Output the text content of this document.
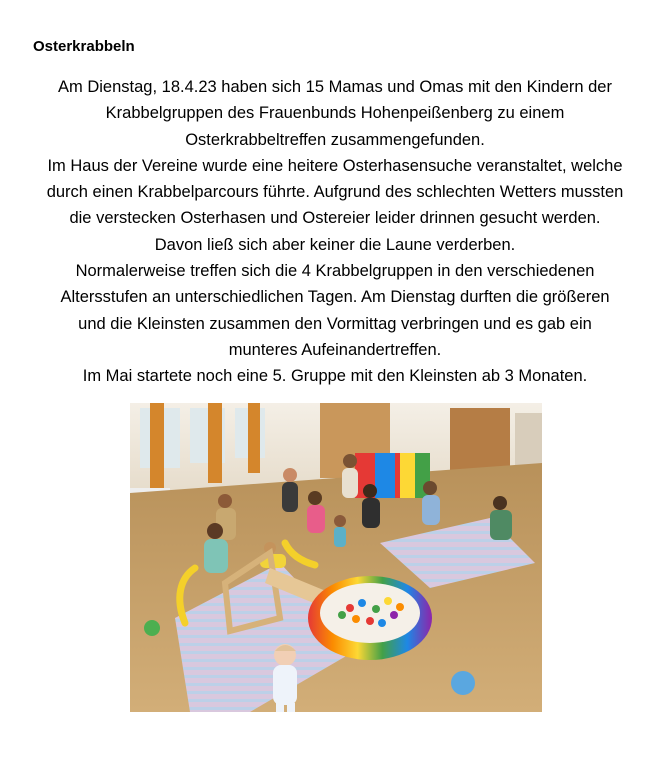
Osterkrabbeln

Am Dienstag, 18.4.23 haben sich 15 Mamas und Omas mit den Kindern der

Krabbelgruppen des Frauenbunds Hohenpeißenberg zu einem

Osterkrabbeltreffen zusammengefunden.

Im Haus der Vereine wurde eine heitere Osterhasensuche veranstaltet, welche

durch einen Krabbelparcours führte. Aufgrund des schlechten Wetters mussten

die verstecken Osterhasen und Ostereier leider drinnen gesucht werden.

Davon ließ sich aber keiner die Laune verderben.

Normalerweise treffen sich die 4 Krabbelgruppen in den verschiedenen

Altersstufen an unterschiedlichen Tagen. Am Dienstag durften die größeren

und die Kleinsten zusammen den Vormittag verbringen und es gab ein

munteres Aufeinandertreffen.

Im Mai startete noch eine 5. Gruppe mit den Kleinsten ab 3 Monaten.
